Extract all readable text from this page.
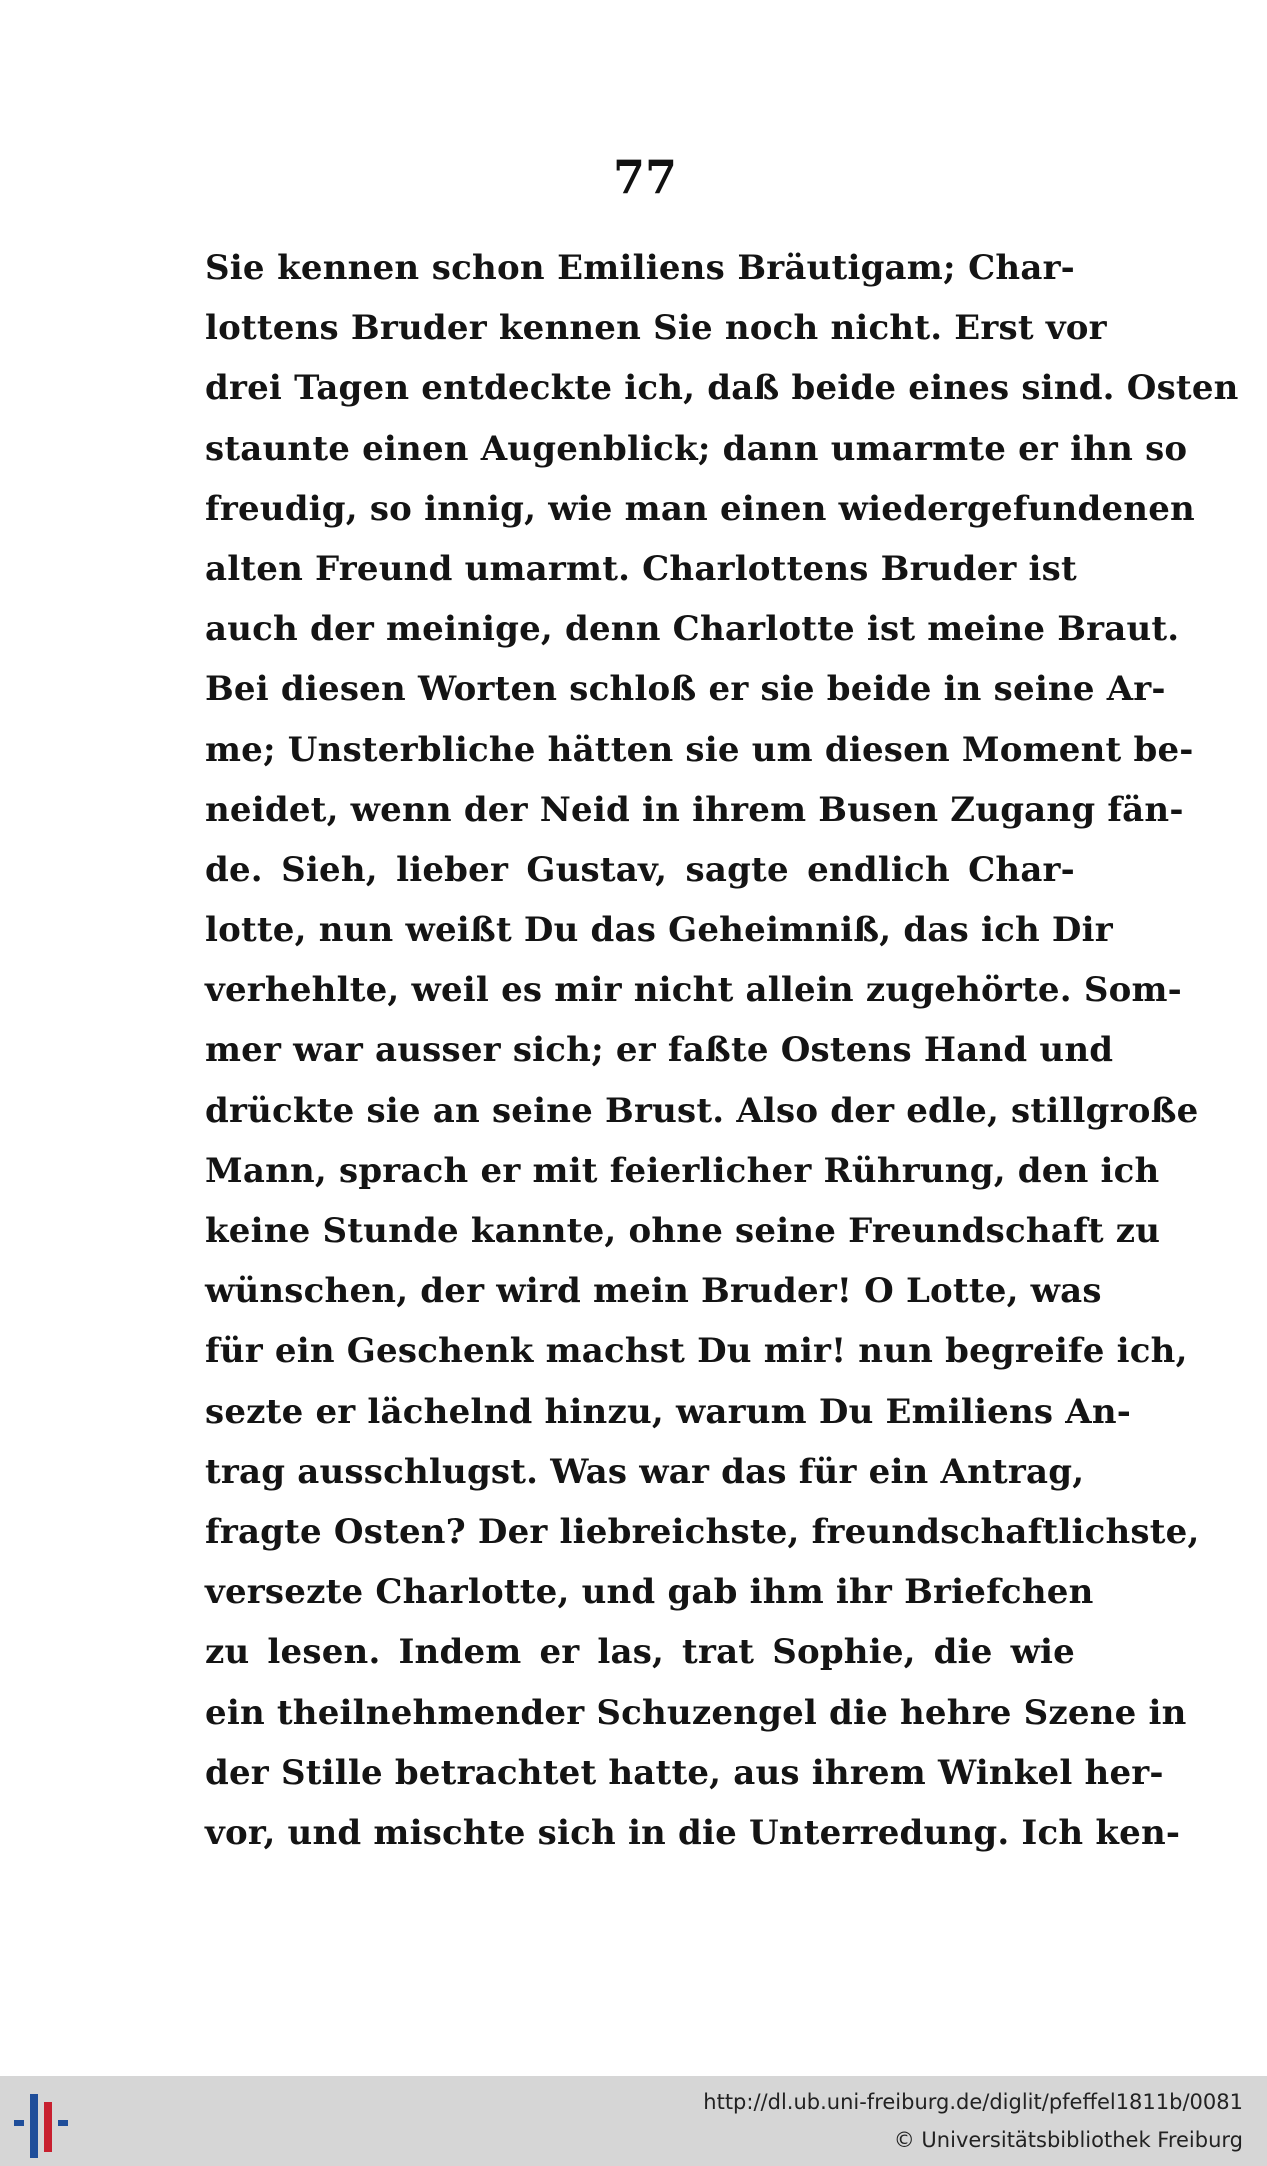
77
Sie kennen schon Emiliens Bräutigam; Char-
lottens Bruder kennen Sie noch nicht. Erst vor
drei Tagen entdeckte ich, daß beide eines sind. Osten
staunte einen Augenblick; dann umarmte er ihn so
freudig, so innig, wie man einen wiedergefundenen
alten Freund umarmt. Charlottens Bruder ist
auch der meinige, denn Charlotte ist meine Braut.
Bei diesen Worten schloß er sie beide in seine Ar-
me; Unsterbliche hätten sie um diesen Moment be-
neidet, wenn der Neid in ihrem Busen Zugang fän-
de. Sieh, lieber Gustav, sagte endlich Char-
lotte, nun weißt Du das Geheimniß, das ich Dir
verhehlte, weil es mir nicht allein zugehörte. Som-
mer war ausser sich; er faßte Ostens Hand und
drückte sie an seine Brust. Also der edle, stillgroße
Mann, sprach er mit feierlicher Rührung, den ich
keine Stunde kannte, ohne seine Freundschaft zu
wünschen, der wird mein Bruder! O Lotte, was
für ein Geschenk machst Du mir! nun begreife ich,
sezte er lächelnd hinzu, warum Du Emiliens An-
trag ausschlugst. Was war das für ein Antrag,
fragte Osten? Der liebreichste, freundschaftlichste,
versezte Charlotte, und gab ihm ihr Briefchen
zu lesen. Indem er las, trat Sophie, die wie
ein theilnehmender Schuzengel die hehre Szene in
der Stille betrachtet hatte, aus ihrem Winkel her-
vor, und mischte sich in die Unterredung. Ich ken-
http://dl.ub.uni-freiburg.de/diglit/pfeffel1811b/0081
© Universitätsbibliothek Freiburg
